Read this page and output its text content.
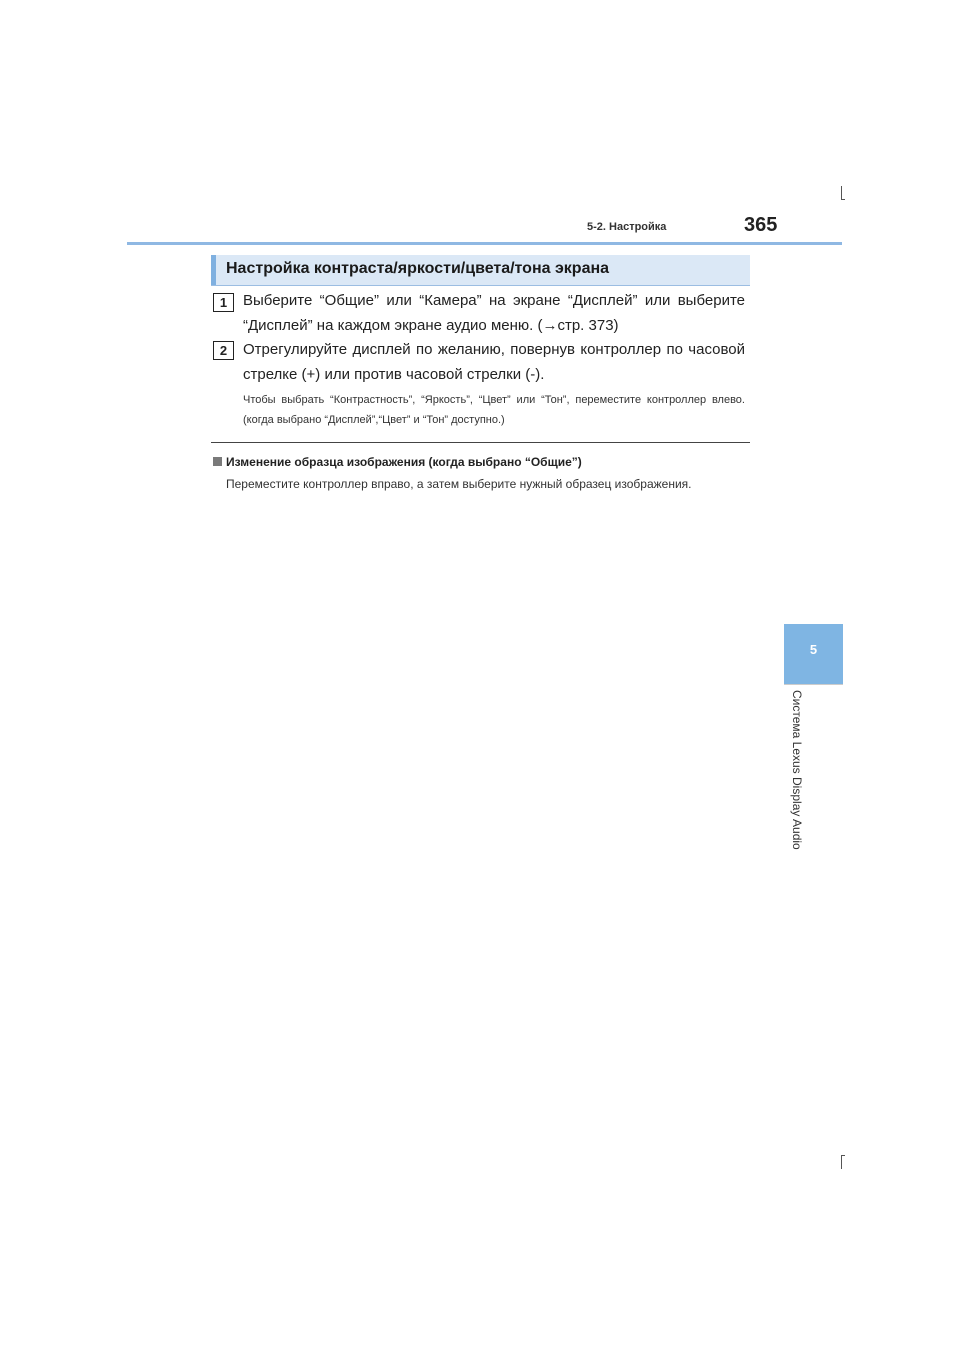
5-2. Настройка	365
Настройка контраста/яркости/цвета/тона экрана
1	Выберите “Общие” или “Камера” на экране “Дисплей” или выберите “Дисплей” на каждом экране аудио меню. (→стр. 373)
2	Отрегулируйте дисплей по желанию, повернув контроллер по часовой стрелке (+) или против часовой стрелки (-).
Чтобы выбрать “Контрастность”, “Яркость”, “Цвет” или “Тон”, переместите контроллер влево. (когда выбрано “Дисплей”,“Цвет” и “Тон” доступно.)
Изменение образца изображения (когда выбрано “Общие”)
Переместите контроллер вправо, а затем выберите нужный образец изображения.
5
Система Lexus Display Audio
